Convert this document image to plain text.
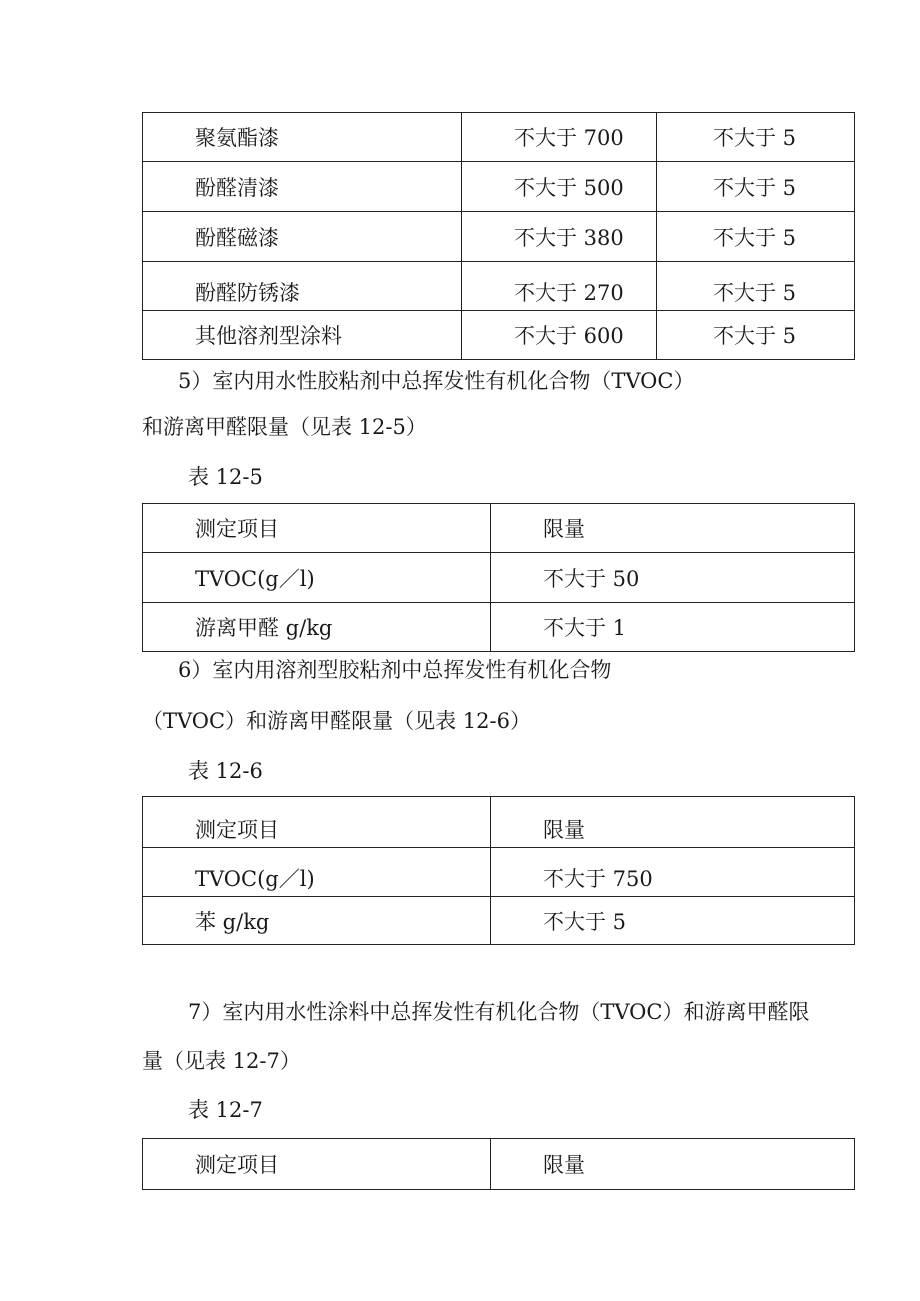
聚氨酯漆	不大于 700	不大于 5
酚醛清漆	不大于 500	不大于 5
酚醛磁漆	不大于 380	不大于 5
酚醛防锈漆	不大于 270	不大于 5
其他溶剂型涂料	不大于 600	不大于 5

5）室内用水性胶粘剂中总挥发性有机化合物（TVOC）

和游离甲醛限量（见表 12-5）

表 12-5

测定项目	限量
TVOC(g／l)	不大于 50
游离甲醛 g/kg	不大于 1

6）室内用溶剂型胶粘剂中总挥发性有机化合物

（TVOC）和游离甲醛限量（见表 12-6）

表 12-6

测定项目	限量
TVOC(g／l)	不大于 750
苯 g/kg	不大于 5

7）室内用水性涂料中总挥发性有机化合物（TVOC）和游离甲醛限

量（见表 12-7）

表 12-7

测定项目	限量
